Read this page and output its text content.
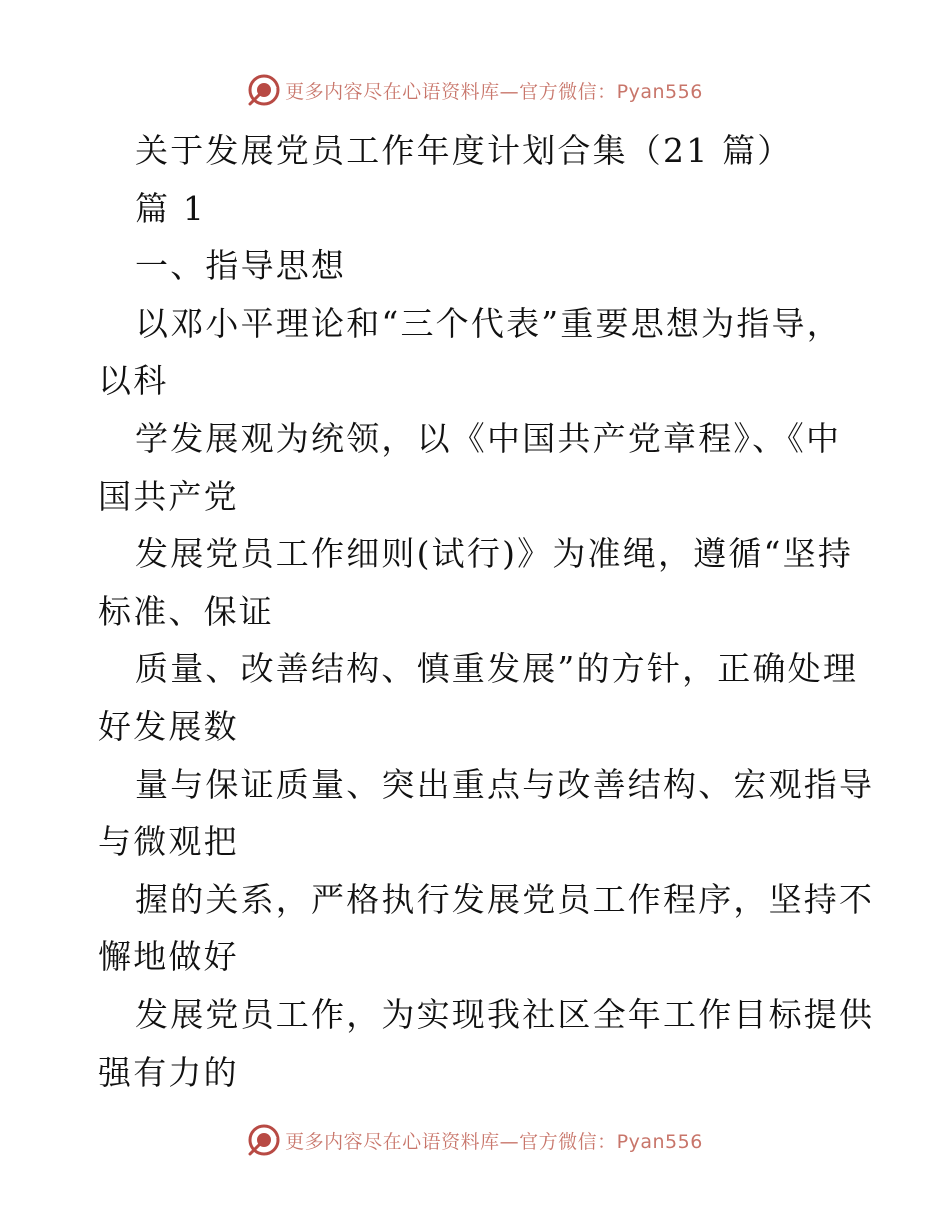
更多内容尽在心语资料库—官方微信：Pyan556

关于发展党员工作年度计划合集（21 篇）

篇 1

一、指导思想

以邓小平理论和“三个代表”重要思想为指导，

以科

学发展观为统领，以《中国共产党章程》、《中

国共产党

发展党员工作细则(试行)》为准绳，遵循“坚持

标准、保证

质量、改善结构、慎重发展”的方针，正确处理

好发展数

量与保证质量、突出重点与改善结构、宏观指导

与微观把

握的关系，严格执行发展党员工作程序，坚持不

懈地做好

发展党员工作，为实现我社区全年工作目标提供

强有力的

更多内容尽在心语资料库—官方微信：Pyan556
